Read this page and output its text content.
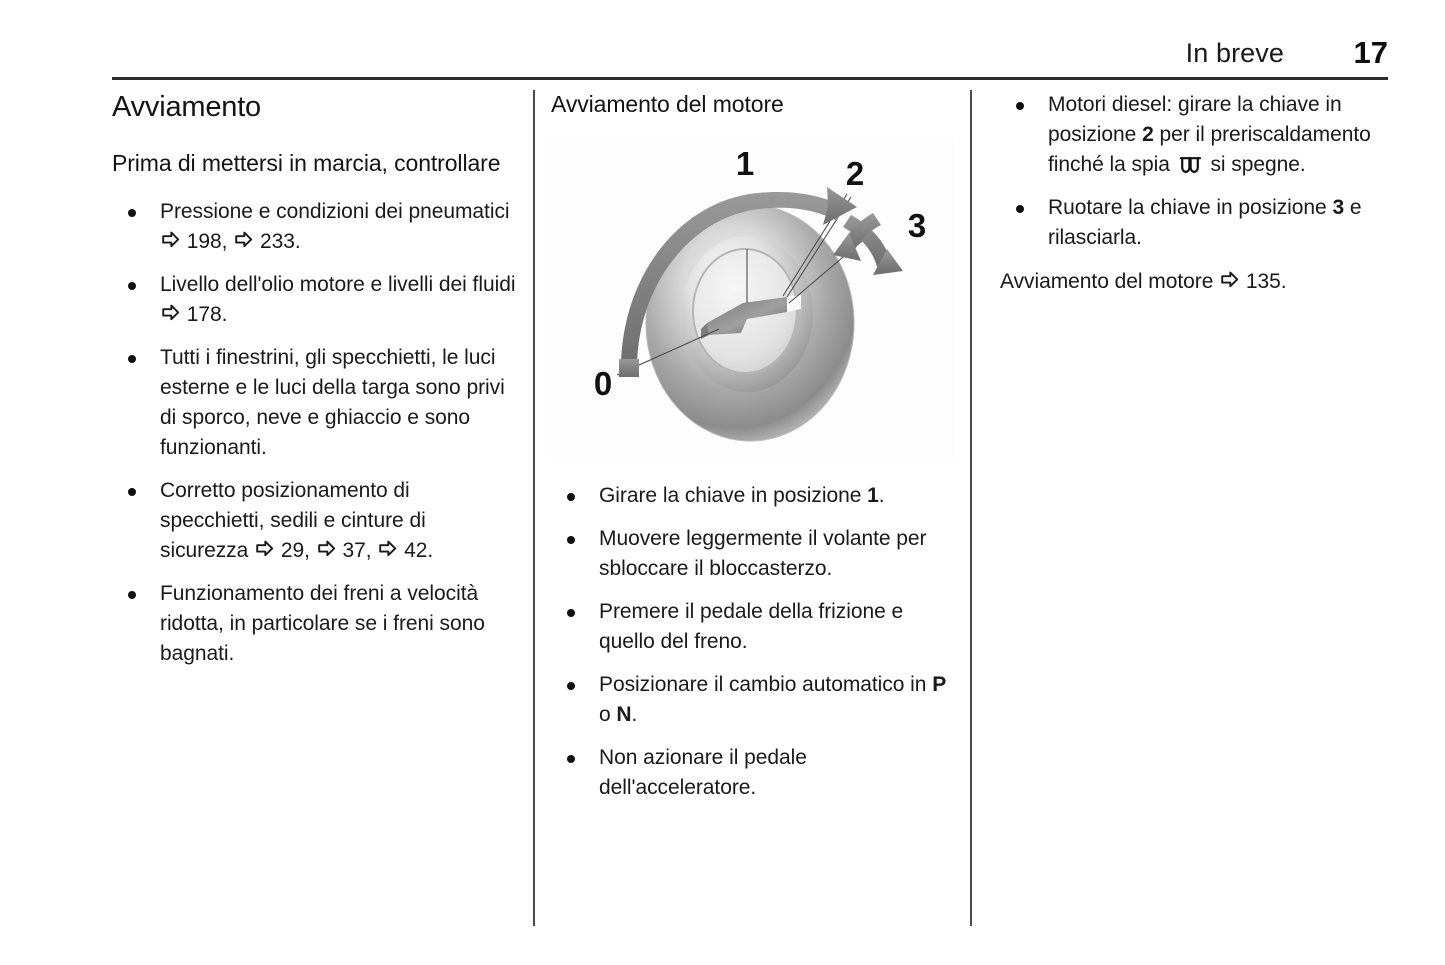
In breve	17
Avviamento
Prima di mettersi in marcia, controllare
Pressione e condizioni dei pneumatici
198,
233.
Livello dell'olio motore e livelli dei fluidi
178.
Tutti i finestrini, gli specchietti, le luci esterne e le luci della targa sono privi di sporco, neve e ghiaccio e sono funzionanti.
Corretto posizionamento di specchietti, sedili e cinture di sicurezza
29,
37,
42.
Funzionamento dei freni a velocità ridotta, in particolare se i freni sono bagnati.
Avviamento del motore
1	2
3
0
Girare la chiave in posizione 1.
Muovere leggermente il volante per sbloccare il bloccasterzo.
Premere il pedale della frizione e quello del freno.
Posizionare il cambio automatico in P o N.
Non azionare il pedale dell'acceleratore.
Motori diesel: girare la chiave in posizione 2 per il preriscaldamento finché la spia
si spegne.
Ruotare la chiave in posizione 3 e rilasciarla.

Avviamento del motore
135.
